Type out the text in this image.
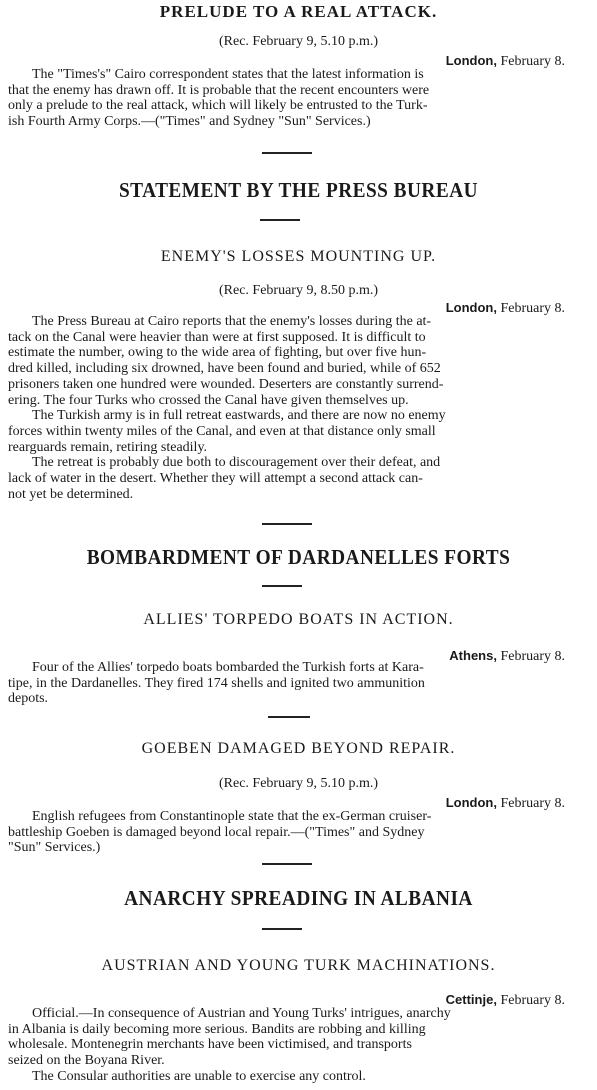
PRELUDE TO A REAL ATTACK.
(Rec. February 9, 5.10 p.m.)
London, February 8.
The "Times's" Cairo correspondent states that the latest information is
that the enemy has drawn off. It is probable that the recent encounters were
only a prelude to the real attack, which will likely be entrusted to the Turk-
ish Fourth Army Corps.—("Times" and Sydney "Sun" Services.)
STATEMENT BY THE PRESS BUREAU
ENEMY'S LOSSES MOUNTING UP.
(Rec. February 9, 8.50 p.m.)
London, February 8.
The Press Bureau at Cairo reports that the enemy's losses during the at-
tack on the Canal were heavier than were at first supposed. It is difficult to
estimate the number, owing to the wide area of fighting, but over five hun-
dred killed, including six drowned, have been found and buried, while of 652
prisoners taken one hundred were wounded. Deserters are constantly surrend-
ering. The four Turks who crossed the Canal have given themselves up.
The Turkish army is in full retreat eastwards, and there are now no enemy
forces within twenty miles of the Canal, and even at that distance only small
rearguards remain, retiring steadily.
The retreat is probably due both to discouragement over their defeat, and
lack of water in the desert. Whether they will attempt a second attack can-
not yet be determined.
BOMBARDMENT OF DARDANELLES FORTS
ALLIES' TORPEDO BOATS IN ACTION.
Athens, February 8.
Four of the Allies' torpedo boats bombarded the Turkish forts at Kara-
tipe, in the Dardanelles. They fired 174 shells and ignited two ammunition
depots.
GOEBEN DAMAGED BEYOND REPAIR.
(Rec. February 9, 5.10 p.m.)
London, February 8.
English refugees from Constantinople state that the ex-German cruiser-
battleship Goeben is damaged beyond local repair.—("Times" and Sydney
"Sun" Services.)
ANARCHY SPREADING IN ALBANIA
AUSTRIAN AND YOUNG TURK MACHINATIONS.
Cettinje, February 8.
Official.—In consequence of Austrian and Young Turks' intrigues, anarchy
in Albania is daily becoming more serious. Bandits are robbing and killing
wholesale. Montenegrin merchants have been victimised, and transports
seized on the Boyana River.
The Consular authorities are unable to exercise any control.
